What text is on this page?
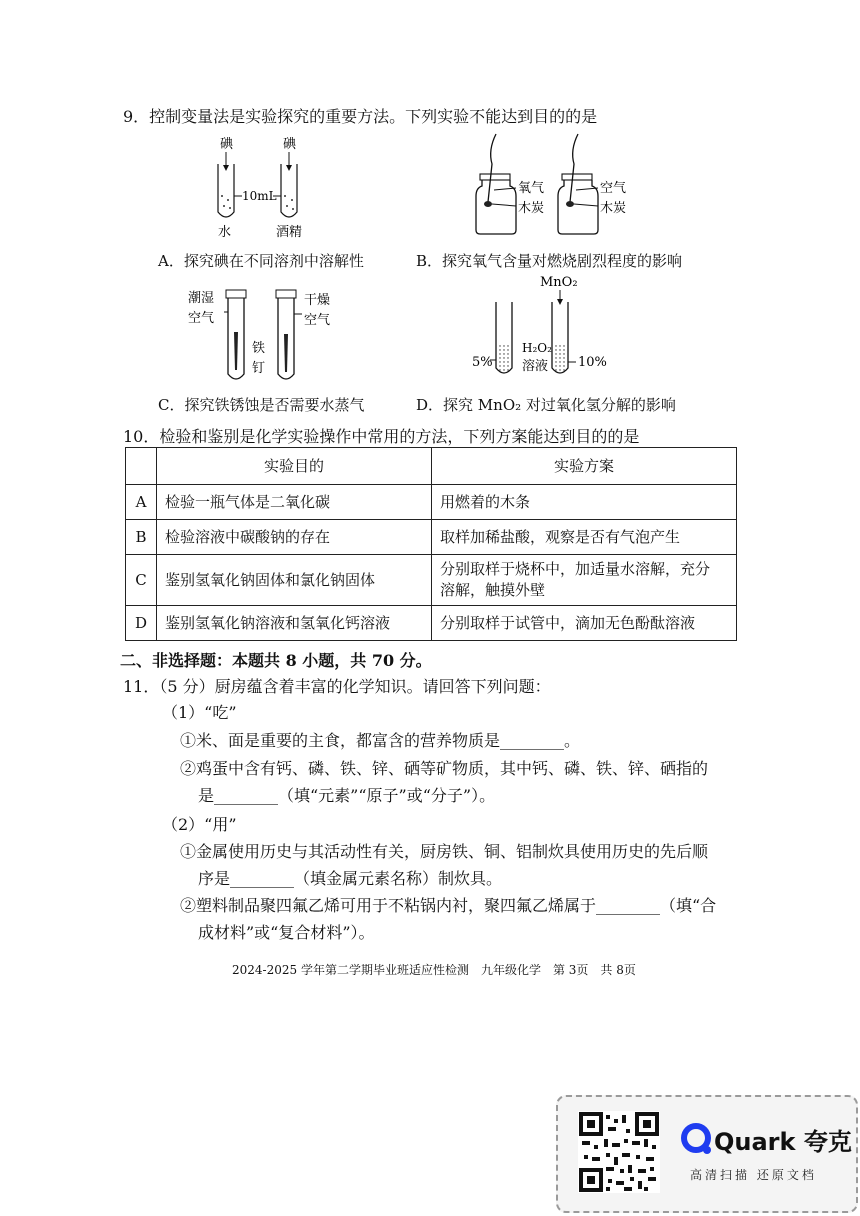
9．控制变量法是实验探究的重要方法。下列实验不能达到目的的是
碘	碘
10mL
水	酒精
氧气
木炭
空气
木炭
A．探究碘在不同溶剂中溶解性	B．探究氧气含量对燃烧剧烈程度的影响
潮湿
空气
干燥
空气
铁
钉
MnO₂
H₂O₂
溶液
5%	10%
C．探究铁锈蚀是否需要水蒸气	D．探究 MnO₂ 对过氧化氢分解的影响
10．检验和鉴别是化学实验操作中常用的方法，下列方案能达到目的的是
	实验目的	实验方案
A	检验一瓶气体是二氧化碳	用燃着的木条
B	检验溶液中碳酸钠的存在	取样加稀盐酸，观察是否有气泡产生
C	鉴别氢氧化钠固体和氯化钠固体	分别取样于烧杯中，加适量水溶解，充分
溶解，触摸外壁

D	鉴别氢氧化钠溶液和氢氧化钙溶液	分别取样于试管中，滴加无色酚酞溶液
二、非选择题：本题共 8 小题，共 70 分。
11．（5 分）厨房蕴含着丰富的化学知识。请回答下列问题：
（1）“吃”
①米、面是重要的主食，都富含的营养物质是________。
②鸡蛋中含有钙、磷、铁、锌、硒等矿物质，其中钙、磷、铁、锌、硒指的
是________（填“元素”“原子”或“分子”）。
（2）“用”
①金属使用历史与其活动性有关，厨房铁、铜、铝制炊具使用历史的先后顺
序是________（填金属元素名称）制炊具。
②塑料制品聚四氟乙烯可用于不粘锅内衬，聚四氟乙烯属于________（填“合
成材料”或“复合材料”）。
2024-2025 学年第二学期毕业班适应性检测　九年级化学　第 3页　共 8页
Quark 夸克
高清扫描 还原文档
